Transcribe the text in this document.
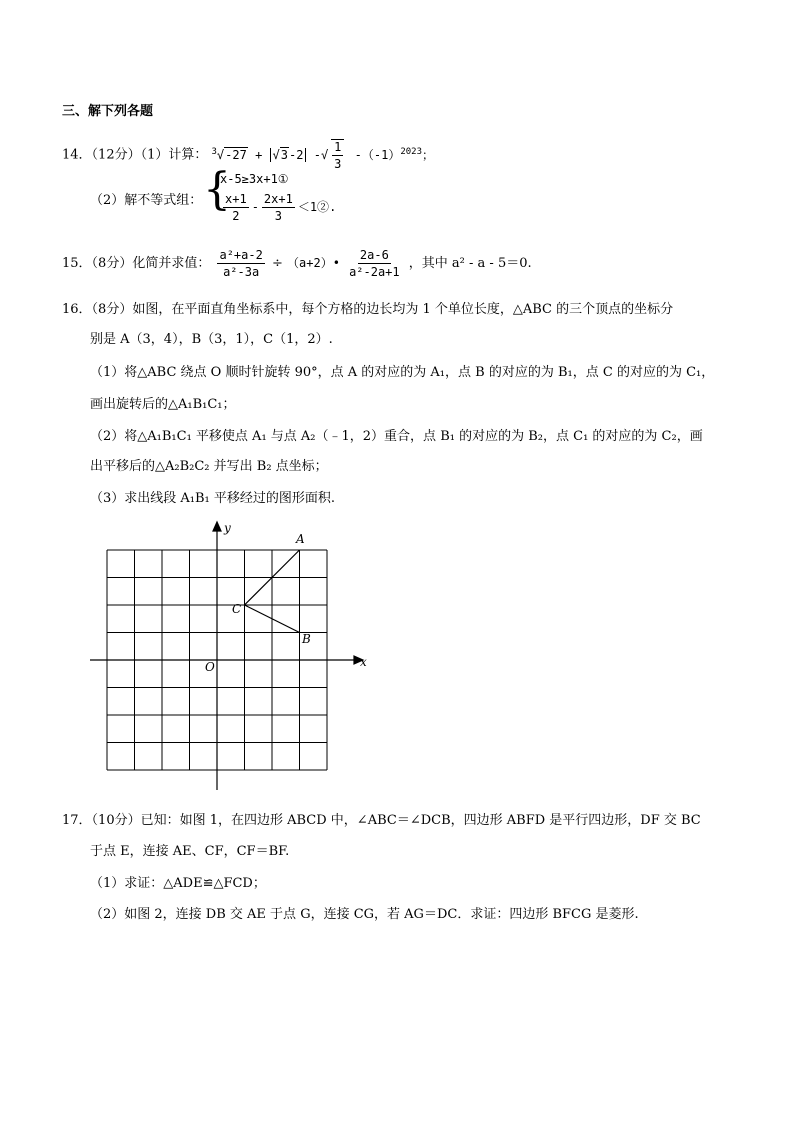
三、解下列各题
14．（12分）（1）计算： $^3$√-27 + √3-2 -√ $\frac{1}{3} -(-1)^{2023}$；
（2）解不等式组： {
x-5≥3x+1①
$\frac{x+1}{2} - \frac{2x+1}{3}$ ＜1②.
15．（8分）化简并求值： $\frac{\text{a²+a-2}}{\text{a²-3a}}$ ÷ （a+2）• $\frac{2a-6}{\text{a²-2a+1}}$ ，其中 a² - a - 5＝0.
16．（8分）如图，在平面直角坐标系中，每个方格的边长均为 1 个单位长度，△ABC 的三个顶点的坐标分
别是 A（3，4），B（3，1），C（1，2）.
（1）将△ABC 绕点 O 顺时针旋转 90°，点 A 的对应的为 A₁，点 B 的对应的为 B₁，点 C 的对应的为 C₁，
画出旋转后的△A₁B₁C₁；
（2）将△A₁B₁C₁ 平移使点 A₁ 与点 A₂（﹣1，2）重合，点 B₁ 的对应的为 B₂，点 C₁ 的对应的为 C₂，画
出平移后的△A₂B₂C₂ 并写出 B₂ 点坐标；
（3）求出线段 A₁B₁ 平移经过的图形面积.
y
x
O
A
B
C
17．（10分）已知：如图 1，在四边形 ABCD 中，∠ABC＝∠DCB，四边形 ABFD 是平行四边形，DF 交 BC
于点 E，连接 AE、CF，CF＝BF.
（1）求证：△ADE≌△FCD；
（2）如图 2，连接 DB 交 AE 于点 G，连接 CG，若 AG＝DC．求证：四边形 BFCG 是菱形.
